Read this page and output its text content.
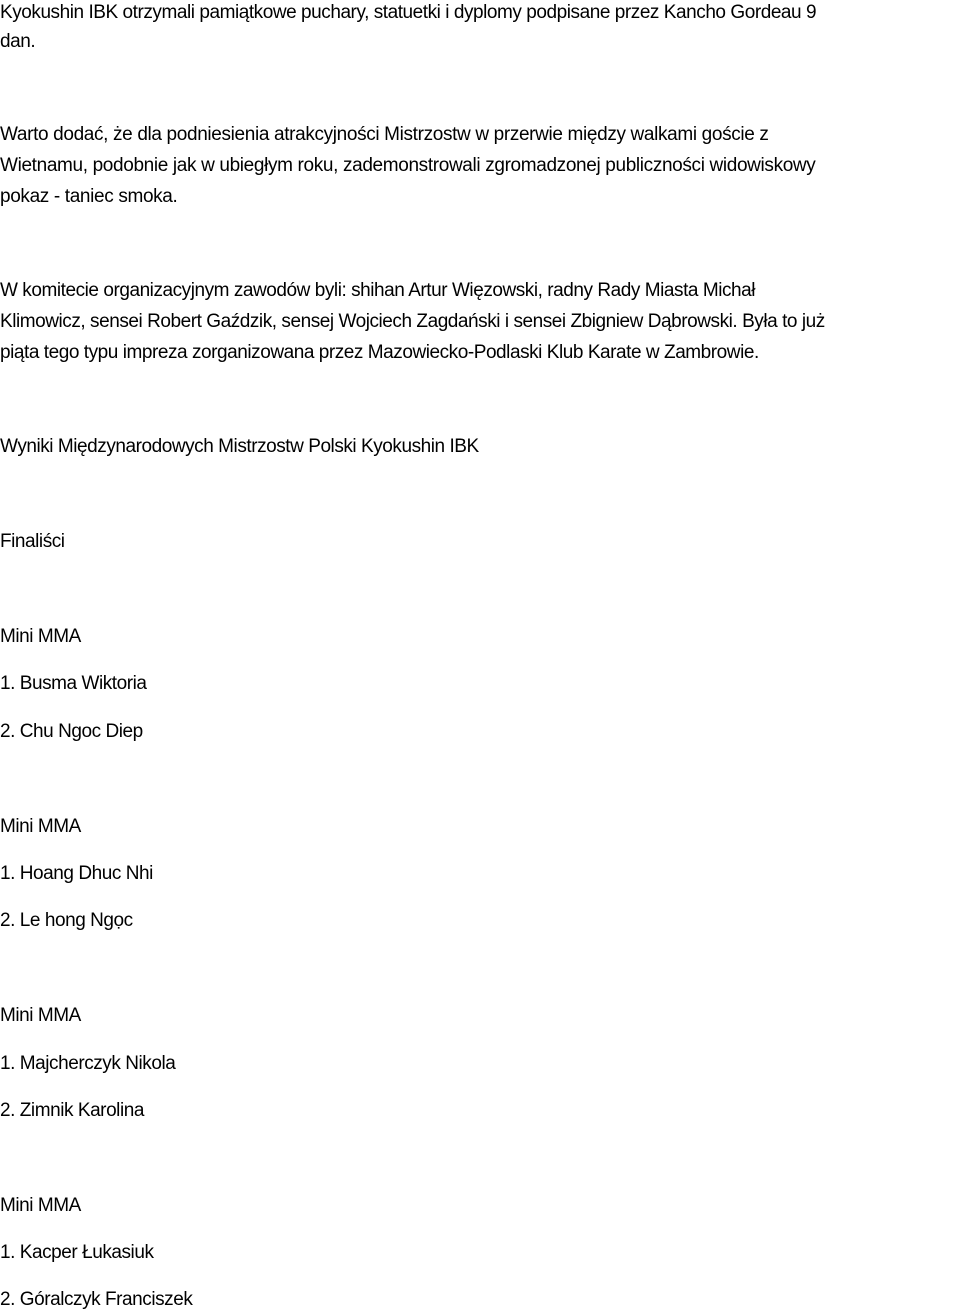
Kyokushin IBK otrzymali pamiątkowe puchary, statuetki i dyplomy podpisane przez Kancho Gordeau 9
dan.
Warto dodać, że dla podniesienia atrakcyjności Mistrzostw w przerwie między walkami goście z
Wietnamu, podobnie jak w ubiegłym roku, zademonstrowali zgromadzonej publiczności widowiskowy
pokaz - taniec smoka.
W komitecie organizacyjnym zawodów byli: shihan Artur Więzowski, radny Rady Miasta Michał
Klimowicz, sensei Robert Gaździk, sensej Wojciech Zagdański i sensei Zbigniew Dąbrowski. Była to już
piąta tego typu impreza zorganizowana przez Mazowiecko-Podlaski Klub Karate w Zambrowie.
Wyniki Międzynarodowych Mistrzostw Polski Kyokushin IBK
Finaliści
Mini MMA
1. Busma Wiktoria
2. Chu Ngoc Diep
Mini MMA
1. Hoang Dhuc Nhi
2. Le hong Ngọc
Mini MMA
1. Majcherczyk Nikola
2. Zimnik Karolina
Mini MMA
1. Kacper Łukasiuk
2. Góralczyk Franciszek
